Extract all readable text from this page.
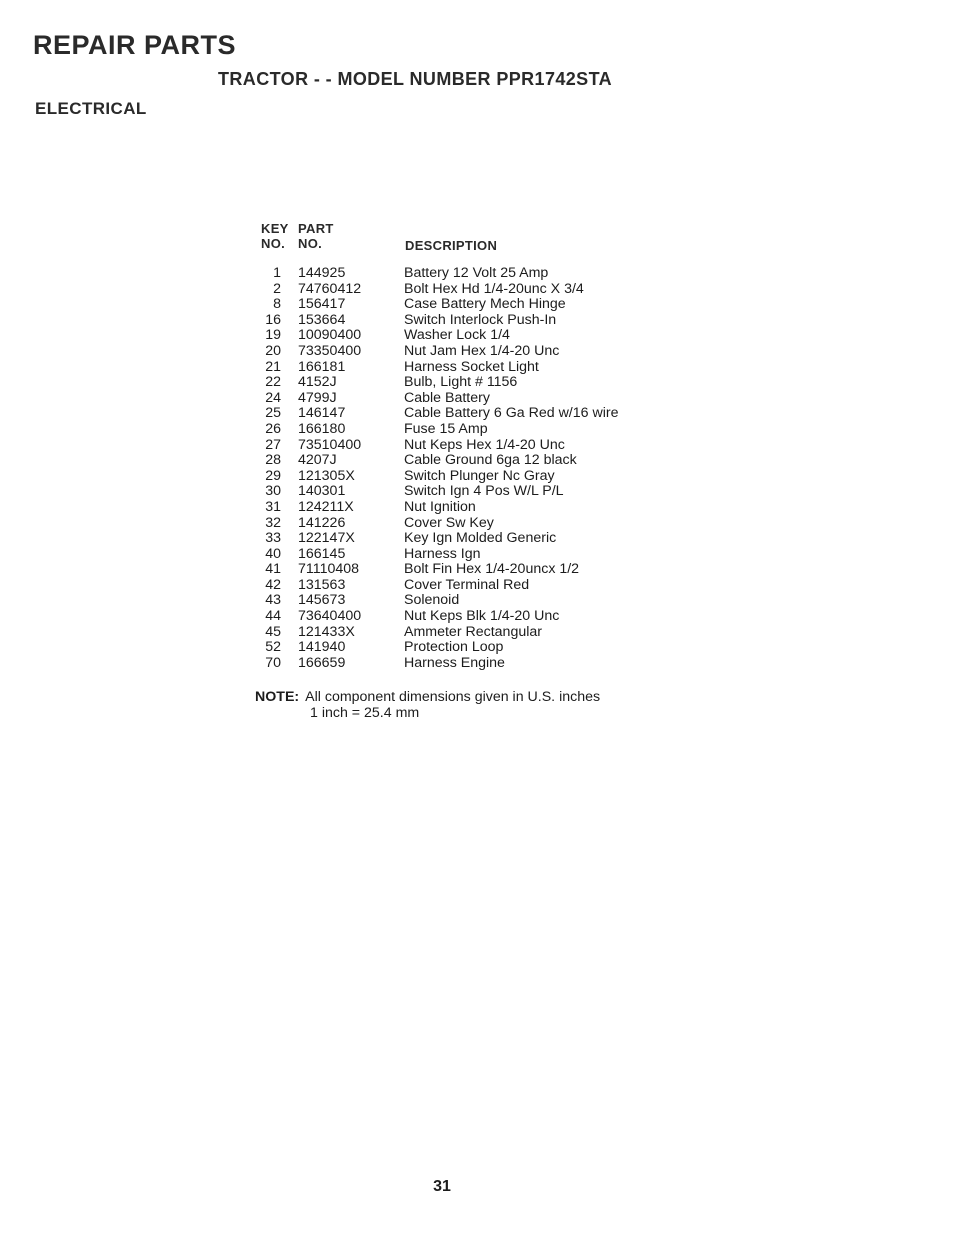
REPAIR PARTS
TRACTOR - - MODEL NUMBER PPR1742STA
ELECTRICAL
KEY PART
NO. NO.	DESCRIPTION
1 144925	Battery 12 Volt 25 Amp
2 74760412	Bolt Hex Hd 1/4-20unc X 3/4
8 156417	Case Battery Mech Hinge
16 153664	Switch Interlock Push-In
19 10090400	Washer Lock 1/4
20 73350400	Nut Jam Hex 1/4-20 Unc
21 166181	Harness Socket Light
22 4152J	Bulb, Light # 1156
24 4799J	Cable Battery
25 146147	Cable Battery 6 Ga Red w/16 wire
26 166180	Fuse 15 Amp
27 73510400	Nut Keps Hex 1/4-20 Unc
28 4207J	Cable Ground 6ga 12 black
29 121305X	Switch Plunger Nc Gray
30 140301	Switch Ign 4 Pos W/L P/L
31 124211X	Nut Ignition
32 141226	Cover Sw Key
33 122147X	Key Ign Molded Generic
40 166145	Harness Ign
41 71110408	Bolt Fin Hex 1/4-20uncx 1/2
42 131563	Cover Terminal Red
43 145673	Solenoid
44 73640400	Nut Keps Blk 1/4-20 Unc
45 121433X	Ammeter Rectangular
52 141940	Protection Loop
70 166659	Harness Engine
NOTE: All component dimensions given in U.S. inches
1 inch = 25.4 mm
31
